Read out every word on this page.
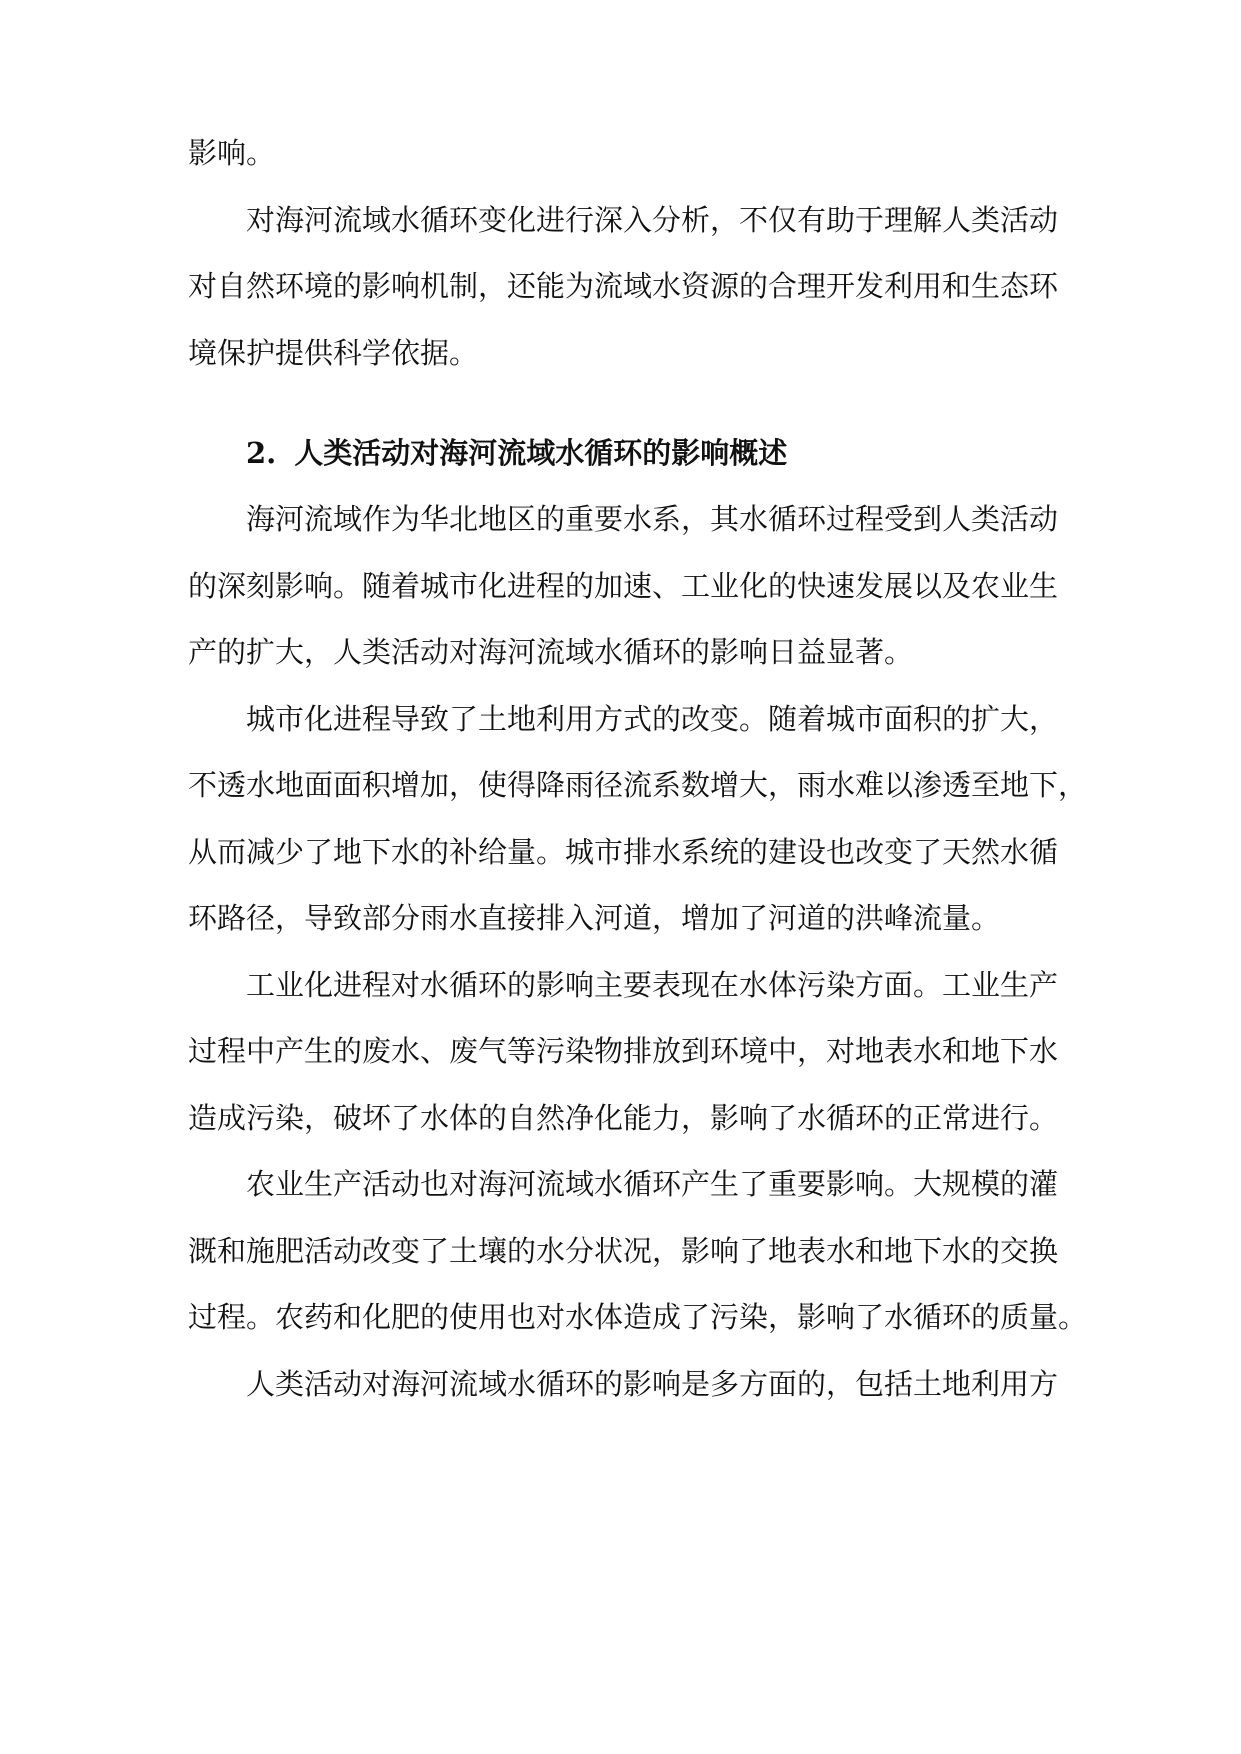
影响。
对海河流域水循环变化进行深入分析，不仅有助于理解人类活动
对自然环境的影响机制，还能为流域水资源的合理开发利用和生态环
境保护提供科学依据。
2. 人类活动对海河流域水循环的影响概述
海河流域作为华北地区的重要水系，其水循环过程受到人类活动
的深刻影响。随着城市化进程的加速、工业化的快速发展以及农业生
产的扩大，人类活动对海河流域水循环的影响日益显著。
城市化进程导致了土地利用方式的改变。随着城市面积的扩大，
不透水地面面积增加，使得降雨径流系数增大，雨水难以渗透至地下，
从而减少了地下水的补给量。城市排水系统的建设也改变了天然水循
环路径，导致部分雨水直接排入河道，增加了河道的洪峰流量。
工业化进程对水循环的影响主要表现在水体污染方面。工业生产
过程中产生的废水、废气等污染物排放到环境中，对地表水和地下水
造成污染，破坏了水体的自然净化能力，影响了水循环的正常进行。
农业生产活动也对海河流域水循环产生了重要影响。大规模的灌
溉和施肥活动改变了土壤的水分状况，影响了地表水和地下水的交换
过程。农药和化肥的使用也对水体造成了污染，影响了水循环的质量。
人类活动对海河流域水循环的影响是多方面的，包括土地利用方
